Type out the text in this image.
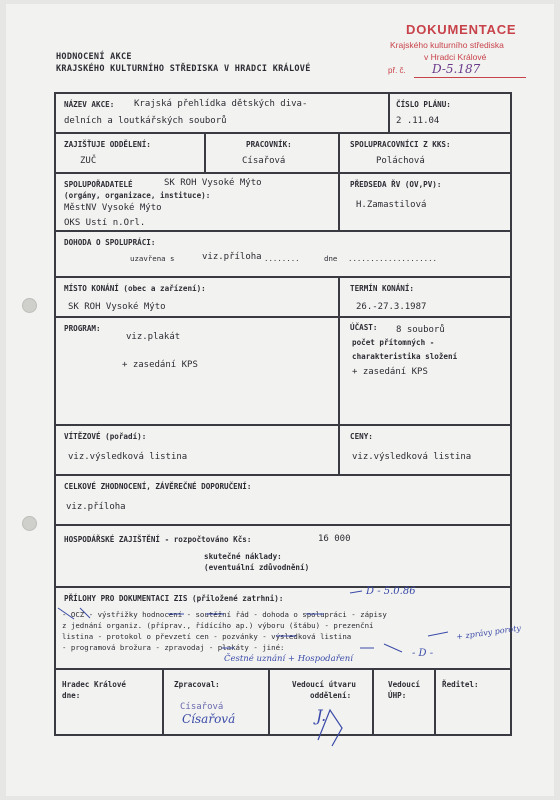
HODNOCENÍ AKCE
KRAJSKÉHO KULTURNÍHO STŘEDISKA V HRADCI KRÁLOVÉ
DOKUMENTACE
Krajského kulturního střediska
v Hradci Králové
př. č. D-5.187
NÁZEV AKCE: Krajská přehlídka dětských diva-
delních a loutkářských souborů
ČÍSLO PLÁNU:
2 .11.04
ZAJIŠŤUJE ODDĚLENÍ:
ZUČ
PRACOVNÍK:
Císařová
SPOLUPRACOVNÍCI Z KKS:
Poláchová
SPOLUPOŘADATELÉ	SK ROH Vysoké Mýto
(orgány, organizace, instituce):
MěstNV Vysoké Mýto
OKS Ústí n.Orl.
PŘEDSEDA ŘV (OV,PV):
H.Zamastilová
DOHODA O SPOLUPRÁCI:
uzavřena s	viz.příloha ........	dne ....................
MÍSTO KONÁNÍ (obec a zařízení):
SK ROH Vysoké Mýto
TERMÍN KONÁNÍ:
26.-27.3.1987
PROGRAM:
viz.plakát
+ zasedání KPS
ÚČAST: 8 souborů
počet přítomných -
charakteristika složení
+ zasedání KPS
VÍTĚZOVÉ (pořadí):
viz.výsledková listina
CENY:
viz.výsledková listina
CELKOVÉ ZHODNOCENÍ, ZÁVĚREČNÉ DOPORUČENÍ:
viz.příloha
HOSPODÁŘSKÉ ZAJIŠTĚNÍ - rozpočtováno Kčs:	16 000
skutečné náklady:
(eventuální zdůvodnění)
PŘÍLOHY PRO DOKUMENTACI ZIS (přiložené zatrhni):
- OCZ - výstřižky hodnocení - soutěžní řád - dohoda o spolupráci - zápisy
z jednání organiz. (příprav., řídícího ap.) výboru (štábu) - prezenční
listina - protokol o převzetí cen - pozvánky - výsledková listina
- programová brožura - zpravodaj - plakáty - jiné:
D - 5.0.86
+ zprávy poroty
Čestné uznání + Hospodaření	- D -
Hradec Králové
dne:
Zpracoval:
Císařová
Císařová
Vedoucí útvaru
oddělení:
J.
Vedoucí
ÚHP:
Ředitel:
